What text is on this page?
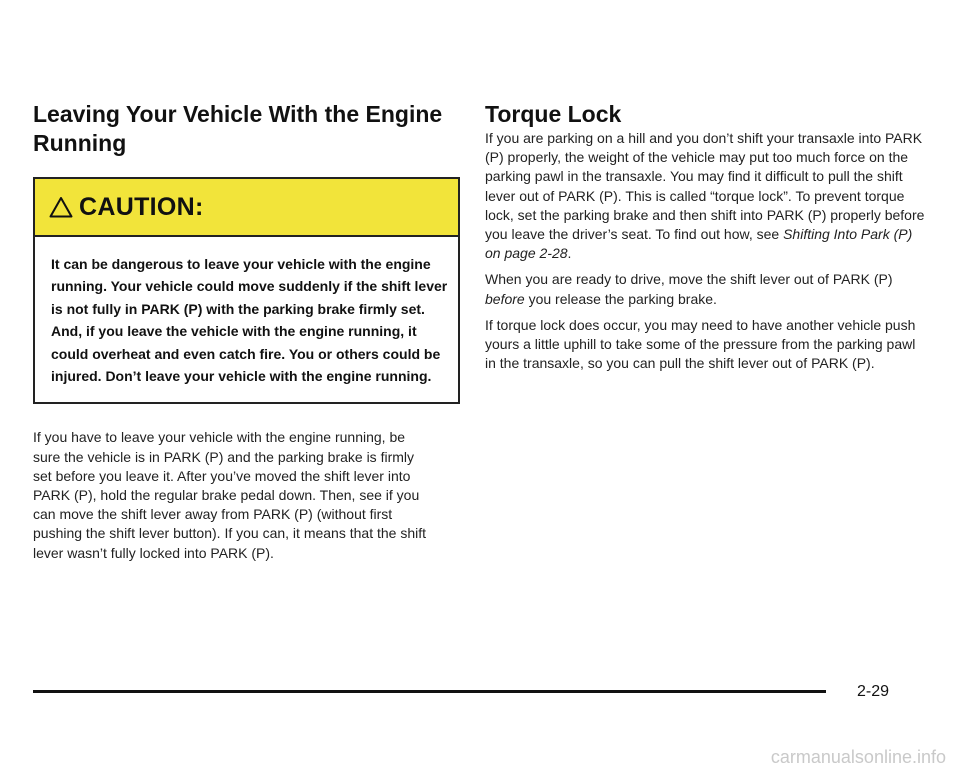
Leaving Your Vehicle With the Engine Running
CAUTION:
It can be dangerous to leave your vehicle with the engine running. Your vehicle could move suddenly if the shift lever is not fully in PARK (P) with the parking brake firmly set. And, if you leave the vehicle with the engine running, it could overheat and even catch fire. You or others could be injured. Don’t leave your vehicle with the engine running.

If you have to leave your vehicle with the engine running, be sure the vehicle is in PARK (P) and the parking brake is firmly set before you leave it. After you’ve moved the shift lever into PARK (P), hold the regular brake pedal down. Then, see if you can move the shift lever away from PARK (P) (without first pushing the shift lever button). If you can, it means that the shift lever wasn’t fully locked into PARK (P).

Torque Lock

If you are parking on a hill and you don’t shift your transaxle into PARK (P) properly, the weight of the vehicle may put too much force on the parking pawl in the transaxle. You may find it difficult to pull the shift lever out of PARK (P). This is called “torque lock”. To prevent torque lock, set the parking brake and then shift into PARK (P) properly before you leave the driver’s seat. To find out how, see Shifting Into Park (P) on page 2-28.

When you are ready to drive, move the shift lever out of PARK (P) before you release the parking brake.

If torque lock does occur, you may need to have another vehicle push yours a little uphill to take some of the pressure from the parking pawl in the transaxle, so you can pull the shift lever out of PARK (P).

2-29
carmanualsonline.info
